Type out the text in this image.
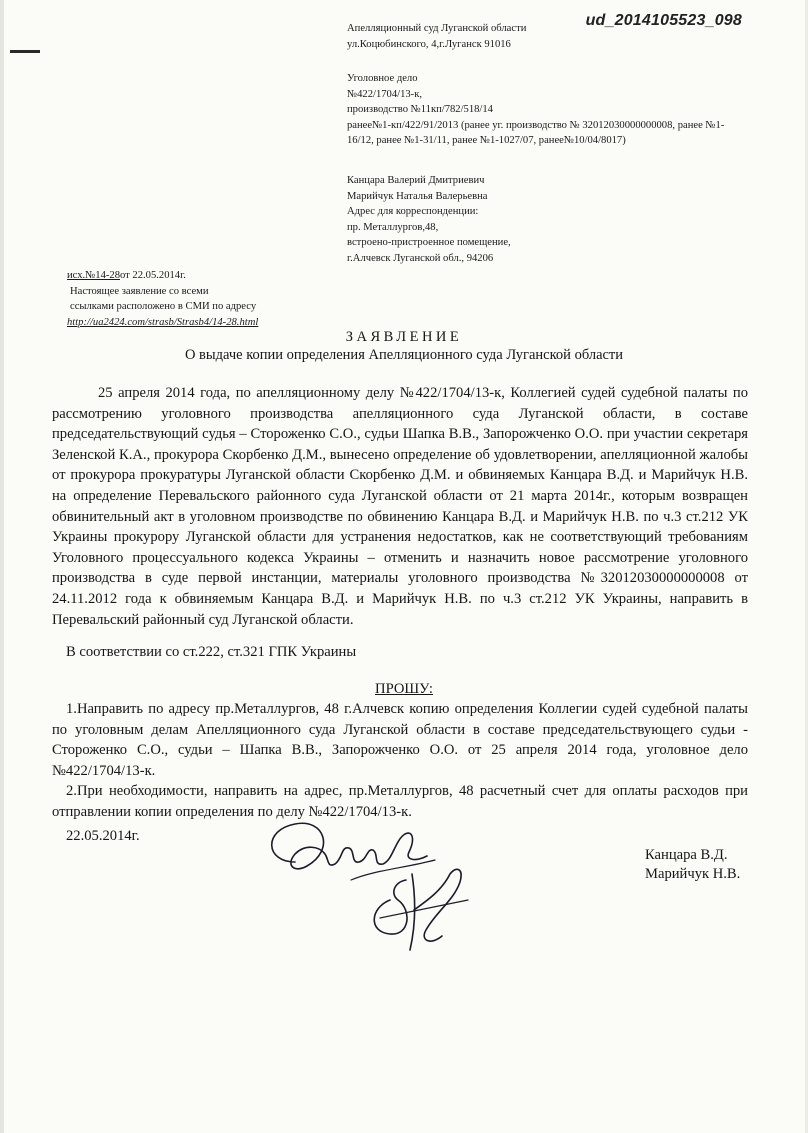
ud_2014105523_098

Апелляционный суд Луганской области

ул.Коцюбинского, 4,г.Луганск 91016

Уголовное дело

№422/1704/13-к,

производство №11кп/782/518/14

ранее№1-кп/422/91/2013 (ранее уг. производство № 32012030000000008, ранее №1-

16/12, ранее №1-31/11, ранее №1-1027/07, ранее№10/04/8017)

Канцара Валерий Дмитриевич

Марийчук Наталья Валерьевна

Адрес для корреспонденции:

пр. Металлургов,48,

встроено-пристроенное помещение,

г.Алчевск Луганской обл., 94206

исх.№14-28от 22.05.2014г.

Настоящее заявление со всеми

ссылками расположено в СМИ по адресу

http://ua2424.com/strasb/Strasb4/14-28.html

ЗАЯВЛЕНИЕ

О выдаче копии определения Апелляционного суда Луганской области

25 апреля 2014 года, по апелляционному делу №422/1704/13-к, Коллегией судей судебной палаты по рассмотрению уголовного производства апелляционного суда Луганской области, в составе председательствующий судья – Стороженко С.О., судьи Шапка В.В., Запорожченко О.О. при участии секретаря Зеленской К.А., прокурора Скорбенко Д.М., вынесено определение об удовлетворении, апелляционной жалобы от прокурора прокуратуры Луганской области Скорбенко Д.М. и обвиняемых Канцара В.Д. и Марийчук Н.В. на определение Перевальского районного суда Луганской области от 21 марта 2014г., которым возвращен обвинительный акт в уголовном производстве по обвинению Канцара В.Д. и Марийчук Н.В. по ч.3 ст.212 УК Украины прокурору Луганской области для устранения недостатков, как не соответствующий требованиям Уголовного процессуального кодекса Украины – отменить и назначить новое рассмотрение уголовного производства в суде первой инстанции, материалы уголовного производства №32012030000000008 от 24.11.2012 года к обвиняемым Канцара В.Д. и Марийчук Н.В. по ч.3 ст.212 УК Украины, направить в Перевальский районный суд Луганской области.

В соответствии со ст.222, ст.321 ГПК Украины

ПРОШУ:

1.Направить по адресу пр.Металлургов, 48 г.Алчевск копию определения Коллегии судей судебной палаты по уголовным делам Апелляционного суда Луганской области в составе председательствующего судьи - Стороженко С.О., судьи – Шапка В.В., Запорожченко О.О. от 25 апреля 2014 года, уголовное дело №422/1704/13-к.

2.При необходимости, направить на адрес, пр.Металлургов, 48 расчетный счет для оплаты расходов при отправлении копии определения по делу №422/1704/13-к.

22.05.2014г.

Канцара В.Д.

Марийчук Н.В.
